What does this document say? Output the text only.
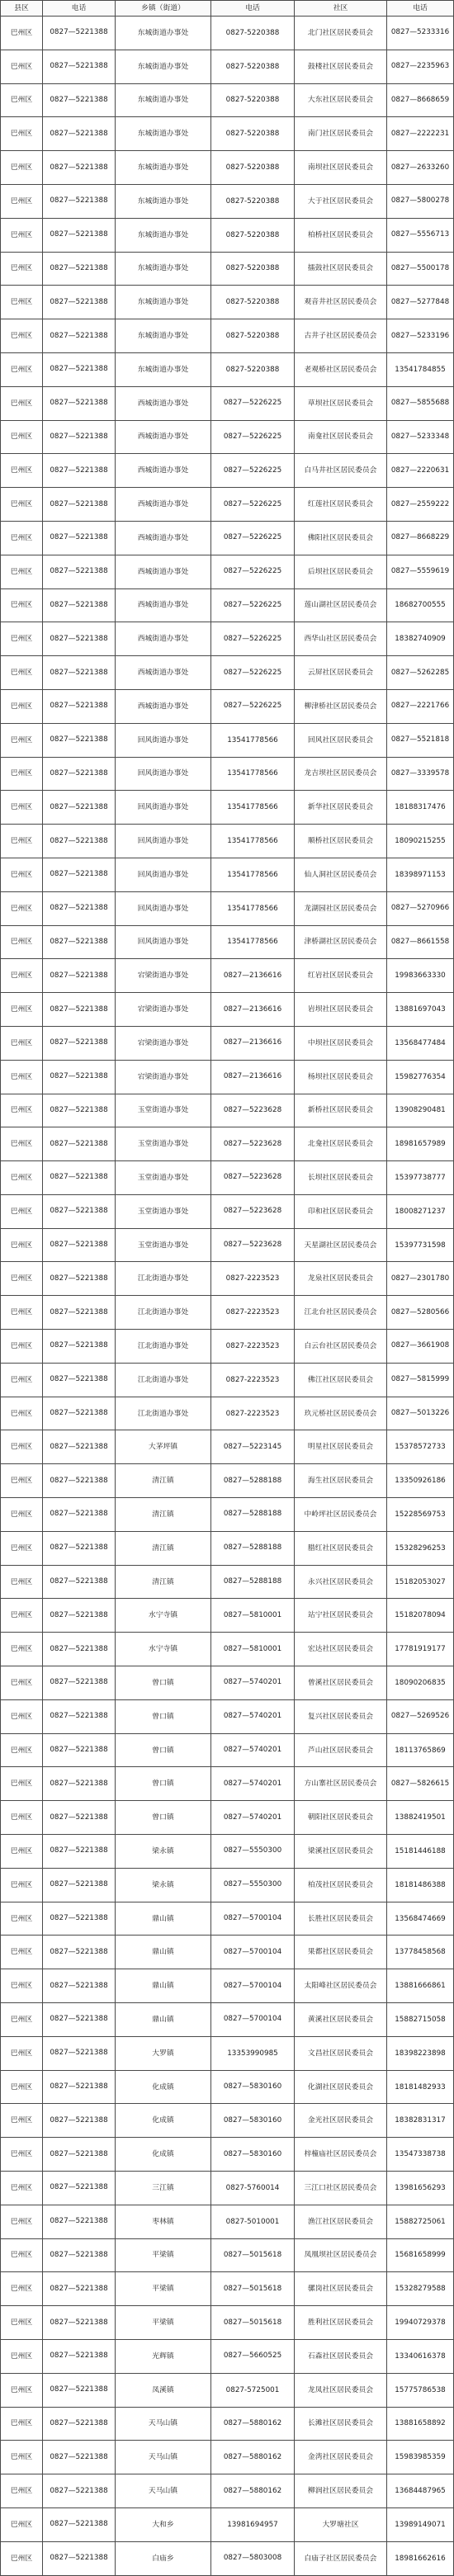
县区	电话	乡镇（街道）	电话	社区	电话
巴州区	0827—5221388	东城街道办事处	0827-5220388	北门社区居民委员会	0827—5233316
巴州区	0827—5221388	东城街道办事处	0827-5220388	鼓楼社区居民委员会	0827—2235963
巴州区	0827—5221388	东城街道办事处	0827-5220388	大东社区居民委员会	0827—8668659
巴州区	0827—5221388	东城街道办事处	0827-5220388	南门社区居民委员会	0827—2222231
巴州区	0827—5221388	东城街道办事处	0827-5220388	南坝社区居民委员会	0827—2633260
巴州区	0827—5221388	东城街道办事处	0827-5220388	大于社区居民委员会	0827—5800278
巴州区	0827—5221388	东城街道办事处	0827-5220388	柏桥社区居民委员会	0827—5556713
巴州区	0827—5221388	东城街道办事处	0827-5220388	擂鼓社区居民委员会	0827—5500178
巴州区	0827—5221388	东城街道办事处	0827-5220388	观音井社区居民委员会	0827—5277848
巴州区	0827—5221388	东城街道办事处	0827-5220388	古井子社区居民委员会	0827—5233196
巴州区	0827—5221388	东城街道办事处	0827-5220388	老观桥社区居民委员会	13541784855
巴州区	0827—5221388	西城街道办事处	0827—5226225	草坝社区居民委员会	0827—5855688
巴州区	0827—5221388	西城街道办事处	0827—5226225	南龛社区居民委员会	0827—5233348
巴州区	0827—5221388	西城街道办事处	0827—5226225	白马井社区居民委员会	0827—2220631
巴州区	0827—5221388	西城街道办事处	0827—5226225	红莲社区居民委员会	0827—2559222
巴州区	0827—5221388	西城街道办事处	0827—5226225	佛阳社区居民委员会	0827—8668229
巴州区	0827—5221388	西城街道办事处	0827—5226225	后坝社区居民委员会	0827—5559619
巴州区	0827—5221388	西城街道办事处	0827—5226225	莲山湖社区居民委员会	18682700555
巴州区	0827—5221388	西城街道办事处	0827—5226225	西华山社区居民委员会	18382740909
巴州区	0827—5221388	西城街道办事处	0827—5226225	云屏社区居民委员会	0827—5262285
巴州区	0827—5221388	西城街道办事处	0827—5226225	柳津桥社区居民委员会	0827—2221766
巴州区	0827—5221388	回风街道办事处	13541778566	回风社区居民委员会	0827—5521818
巴州区	0827—5221388	回风街道办事处	13541778566	龙吉坝社区居民委员会	0827—3339578
巴州区	0827—5221388	回风街道办事处	13541778566	新华社区居民委员会	18188317476
巴州区	0827—5221388	回风街道办事处	13541778566	顺桥社区居民委员会	18090215255
巴州区	0827—5221388	回风街道办事处	13541778566	仙人洞社区居民委员会	18398971153
巴州区	0827—5221388	回风街道办事处	13541778566	龙湖园社区居民委员会	0827—5270966
巴州区	0827—5221388	回风街道办事处	13541778566	津桥湖社区居民委员会	0827—8661558
巴州区	0827—5221388	宕梁街道办事处	0827—2136616	红岩社区居民委员会	19983663330
巴州区	0827—5221388	宕梁街道办事处	0827—2136616	岩坝社区居民委员会	13881697043
巴州区	0827—5221388	宕梁街道办事处	0827—2136616	中坝社区居民委员会	13568477484
巴州区	0827—5221388	宕梁街道办事处	0827—2136616	杨坝社区居民委员会	15982776354
巴州区	0827—5221388	玉堂街道办事处	0827—5223628	新桥社区居民委员会	13908290481
巴州区	0827—5221388	玉堂街道办事处	0827—5223628	北龛社区居民委员会	18981657989
巴州区	0827—5221388	玉堂街道办事处	0827—5223628	长坝社区居民委员会	15397738777
巴州区	0827—5221388	玉堂街道办事处	0827—5223628	印和社区居民委员会	18008271237
巴州区	0827—5221388	玉堂街道办事处	0827—5223628	天星湖社区居民委员会	15397731598
巴州区	0827—5221388	江北街道办事处	0827-2223523	龙泉社区居民委员会	0827—2301780
巴州区	0827—5221388	江北街道办事处	0827-2223523	江北台社区居民委员会	0827—5280566
巴州区	0827—5221388	江北街道办事处	0827-2223523	白云台社区居民委员会	0827—3661908
巴州区	0827—5221388	江北街道办事处	0827-2223523	佛江社区居民委员会	0827—5815999
巴州区	0827—5221388	江北街道办事处	0827-2223523	玖元桥社区居民委员会	0827—5013226
巴州区	0827—5221388	大茅坪镇	0827—5223145	明星社区居民委员会	15378572733
巴州区	0827—5221388	清江镇	0827—5288188	海生社区居民委员会	13350926186
巴州区	0827—5221388	清江镇	0827—5288188	中岭坪社区居民委员会	15228569753
巴州区	0827—5221388	清江镇	0827—5288188	腊红社区居民委员会	15328296253
巴州区	0827—5221388	清江镇	0827—5288188	永兴社区居民委员会	15182053027
巴州区	0827—5221388	水宁寺镇	0827—5810001	站宁社区居民委员会	15182078094
巴州区	0827—5221388	水宁寺镇	0827—5810001	宏达社区居民委员会	17781919177
巴州区	0827—5221388	曾口镇	0827—5740201	曾溪社区居民委员会	18090206835
巴州区	0827—5221388	曾口镇	0827—5740201	复兴社区居民委员会	0827—5269526
巴州区	0827—5221388	曾口镇	0827—5740201	芦山社区居民委员会	18113765869
巴州区	0827—5221388	曾口镇	0827—5740201	方山寨社区居民委员会	0827—5826615
巴州区	0827—5221388	曾口镇	0827—5740201	朝阳社区居民委员会	13882419501
巴州区	0827—5221388	梁永镇	0827—5550300	梁溪社区居民委员会	15181446188
巴州区	0827—5221388	梁永镇	0827—5550300	柏茂社区居民委员会	18181486388
巴州区	0827—5221388	鼎山镇	0827—5700104	长胜社区居民委员会	13568474669
巴州区	0827—5221388	鼎山镇	0827—5700104	果都社区居民委员会	13778458568
巴州区	0827—5221388	鼎山镇	0827—5700104	太阳峰社区居民委员会	13881666861
巴州区	0827—5221388	鼎山镇	0827—5700104	黄溪社区居民委员会	15882715058
巴州区	0827—5221388	大罗镇	13353990985	文昌社区居民委员会	18398223898
巴州区	0827—5221388	化成镇	0827—5830160	化湖社区居民委员会	18181482933
巴州区	0827—5221388	化成镇	0827—5830160	金光社区居民委员会	18382831317
巴州区	0827—5221388	化成镇	0827—5830160	梓橦庙社区居民委员会	13547338738
巴州区	0827—5221388	三江镇	0827-5760014	三江口社区居民委员会	13981656293
巴州区	0827—5221388	枣林镇	0827-5010001	渔江社区居民委员会	15882725061
巴州区	0827—5221388	平梁镇	0827—5015618	凤凰坝社区居民委员会	15681658999
巴州区	0827—5221388	平梁镇	0827—5015618	骡岗社区居民委员会	15328279588
巴州区	0827—5221388	平梁镇	0827—5015618	胜利社区居民委员会	19940729378
巴州区	0827—5221388	光辉镇	0827—5660525	石森社区居民委员会	13340616378
巴州区	0827—5221388	凤溪镇	0827-5725001	龙凤社区居民委员会	15775786538
巴州区	0827—5221388	天马山镇	0827—5880162	长滩社区居民委员会	13881658892
巴州区	0827—5221388	天马山镇	0827—5880162	金湾社区居民委员会	15983985359
巴州区	0827—5221388	天马山镇	0827—5880162	柳润社区居民委员会	13684487965
巴州区	0827—5221388	大和乡	13981694957	大罗塘社区	13989149071
巴州区	0827—5221388	白庙乡	0827—5803008	白庙子社区居民委员会	18981662616
